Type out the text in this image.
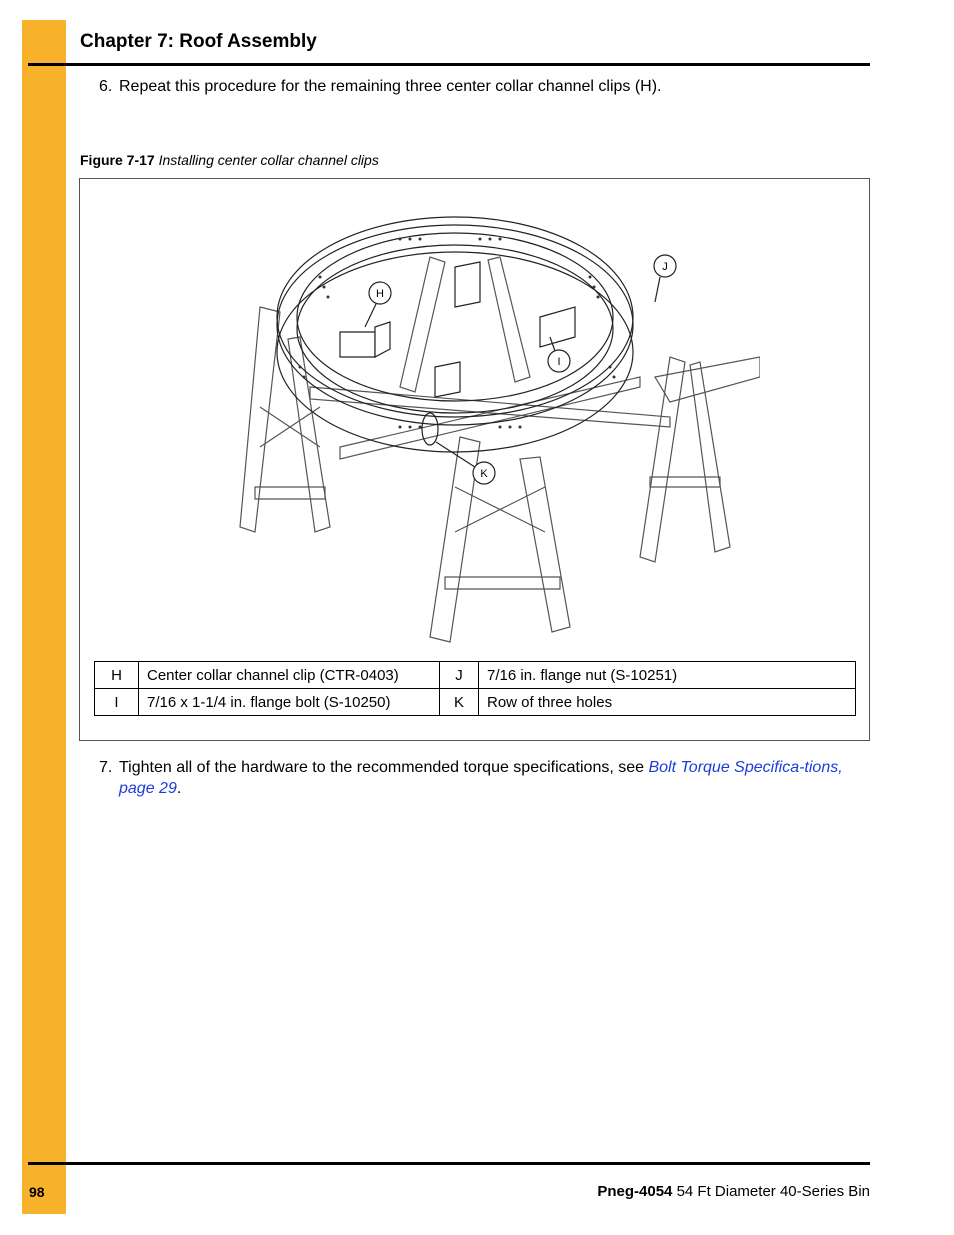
Chapter 7: Roof Assembly
6. Repeat this procedure for the remaining three center collar channel clips (H).
Figure 7-17 Installing center collar channel clips
H
I
J
K
H	Center collar channel clip (CTR-0403)	J	7/16 in. flange nut (S-10251)
I	7/16 x 1-1/4 in. flange bolt (S-10250)	K	Row of three holes
7. Tighten all of the hardware to the recommended torque specifications, see Bolt Torque Specifica-tions, page 29.
98	Pneg-4054 54 Ft Diameter 40-Series Bin
